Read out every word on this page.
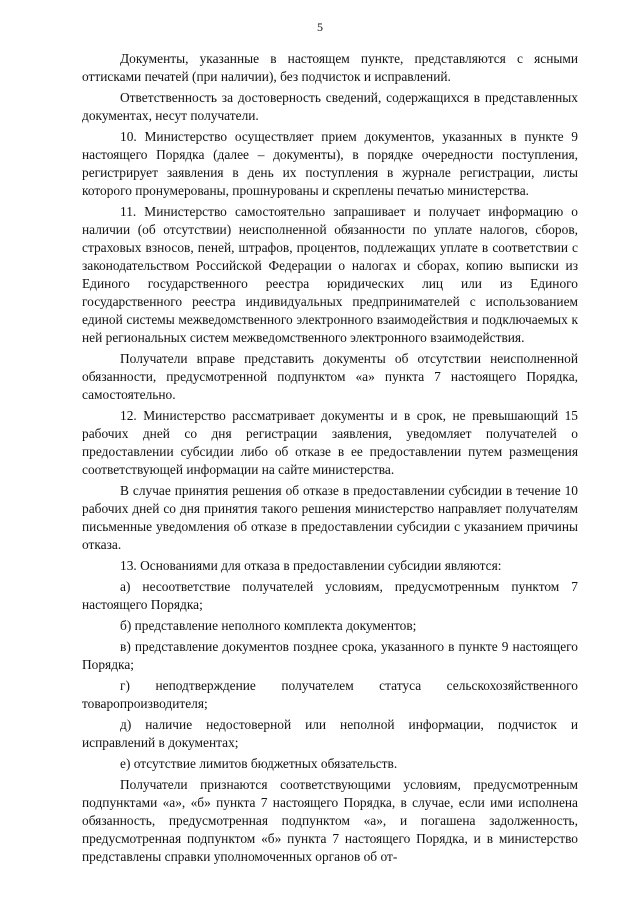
5

Документы, указанные в настоящем пункте, представляются с ясными оттисками печатей (при наличии), без подчисток и исправлений.

Ответственность за достоверность сведений, содержащихся в представленных документах, несут получатели.

10. Министерство осуществляет прием документов, указанных в пункте 9 настоящего Порядка (далее – документы), в порядке очередности поступления, регистрирует заявления в день их поступления в журнале регистрации, листы которого пронумерованы, прошнурованы и скреплены печатью министерства.

11. Министерство самостоятельно запрашивает и получает информацию о наличии (об отсутствии) неисполненной обязанности по уплате налогов, сборов, страховых взносов, пеней, штрафов, процентов, подлежащих уплате в соответствии с законодательством Российской Федерации о налогах и сборах, копию выписки из Единого государственного реестра юридических лиц или из Единого государственного реестра индивидуальных предпринимателей с использованием единой системы межведомственного электронного взаимодействия и подключаемых к ней региональных систем межведомственного электронного взаимодействия.

Получатели вправе представить документы об отсутствии неисполненной обязанности, предусмотренной подпунктом «а» пункта 7 настоящего Порядка, самостоятельно.

12. Министерство рассматривает документы и в срок, не превышающий 15 рабочих дней со дня регистрации заявления, уведомляет получателей о предоставлении субсидии либо об отказе в ее предоставлении путем размещения соответствующей информации на сайте министерства.

В случае принятия решения об отказе в предоставлении субсидии в течение 10 рабочих дней со дня принятия такого решения министерство направляет получателям письменные уведомления об отказе в предоставлении субсидии с указанием причины отказа.

13. Основаниями для отказа в предоставлении субсидии являются:

а) несоответствие получателей условиям, предусмотренным пунктом 7 настоящего Порядка;

б) представление неполного комплекта документов;

в) представление документов позднее срока, указанного в пункте 9 настоящего Порядка;

г) неподтверждение получателем статуса сельскохозяйственного товаропроизводителя;

д) наличие недостоверной или неполной информации, подчисток и исправлений в документах;

е) отсутствие лимитов бюджетных обязательств.

Получатели признаются соответствующими условиям, предусмотренным подпунктами «а», «б» пункта 7 настоящего Порядка, в случае, если ими исполнена обязанность, предусмотренная подпунктом «а», и погашена задолженность, предусмотренная подпунктом «б» пункта 7 настоящего Порядка, и в министерство представлены справки уполномоченных органов об от-
